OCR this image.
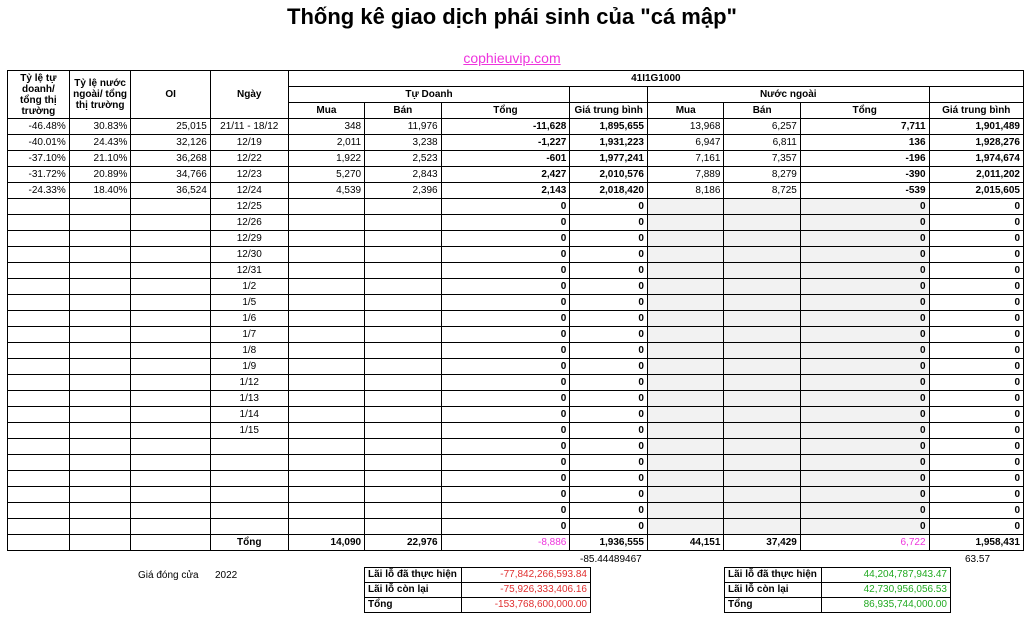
Thống kê giao dịch phái sinh của "cá mập"
cophieuvip.com
Tỷ lệ tự doanh/ tổng thị trường	Tỷ lệ nước ngoài/ tổng thị trường	OI	Ngày	41I1G1000							
				Tự Doanh				Nước ngoài			
				Mua	Bán	Tổng	Giá trung bình	Mua	Bán	Tổng	Giá trung bình
-46.48%	30.83%	25,015	21/11 - 18/12	348	11,976	-11,628	1,895,655	13,968	6,257	7,711	1,901,489
-40.01%	24.43%	32,126	12/19	2,011	3,238	-1,227	1,931,223	6,947	6,811	136	1,928,276
-37.10%	21.10%	36,268	12/22	1,922	2,523	-601	1,977,241	7,161	7,357	-196	1,974,674
-31.72%	20.89%	34,766	12/23	5,270	2,843	2,427	2,010,576	7,889	8,279	-390	2,011,202
-24.33%	18.40%	36,524	12/24	4,539	2,396	2,143	2,018,420	8,186	8,725	-539	2,015,605
			12/25			0	0			0	0
			12/26			0	0			0	0
			12/29			0	0			0	0
			12/30			0	0			0	0
			12/31			0	0			0	0
			1/2			0	0			0	0
			1/5			0	0			0	0
			1/6			0	0			0	0
			1/7			0	0			0	0
			1/8			0	0			0	0
			1/9			0	0			0	0
			1/12			0	0			0	0
			1/13			0	0			0	0
			1/14			0	0			0	0
			1/15			0	0			0	0
						0	0			0	0
						0	0			0	0
						0	0			0	0
						0	0			0	0
						0	0			0	0
						0	0			0	0
			Tổng	14,090	22,976	-8,886	1,936,555	44,151	37,429	6,722	1,958,431
-85.44489467	63.57
Giá đóng cửa 2022	Lãi lỗ đã thực hiện	-77,842,266,593.84
Lãi lỗ còn lại	-75,926,333,406.16
Tổng	-153,768,600,000.00
Lãi lỗ đã thực hiện	44,204,787,943.47
Lãi lỗ còn lại	42,730,956,056.53
Tổng	86,935,744,000.00
